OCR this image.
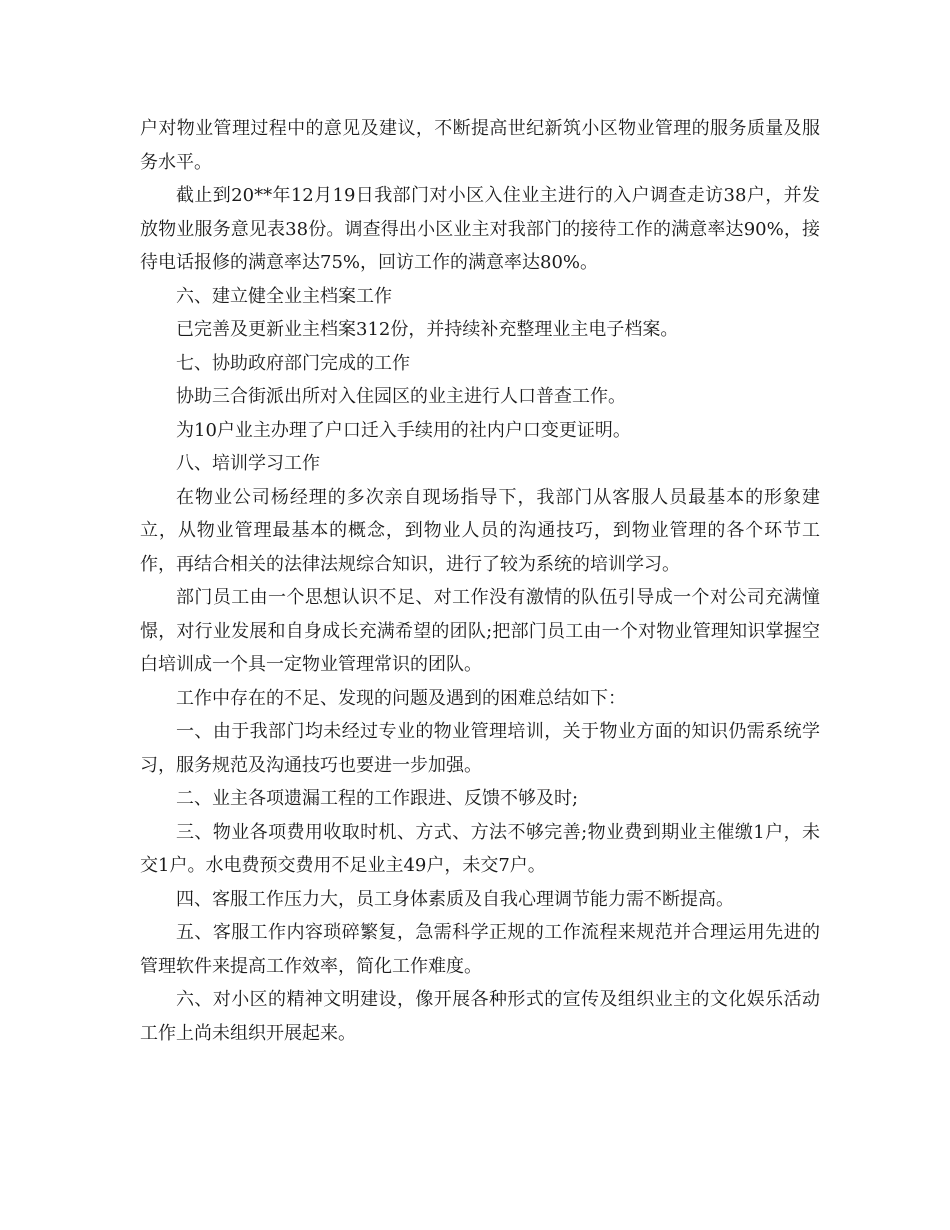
户对物业管理过程中的意见及建议，不断提高世纪新筑小区物业管理的服务质量及服务水平。

截止到20**年12月19日我部门对小区入住业主进行的入户调查走访38户，并发放物业服务意见表38份。调查得出小区业主对我部门的接待工作的满意率达90%，接待电话报修的满意率达75%，回访工作的满意率达80%。

六、建立健全业主档案工作

已完善及更新业主档案312份，并持续补充整理业主电子档案。

七、协助政府部门完成的工作

协助三合街派出所对入住园区的业主进行人口普查工作。

为10户业主办理了户口迁入手续用的社内户口变更证明。

八、培训学习工作

在物业公司杨经理的多次亲自现场指导下，我部门从客服人员最基本的形象建立，从物业管理最基本的概念，到物业人员的沟通技巧，到物业管理的各个环节工作，再结合相关的法律法规综合知识，进行了较为系统的培训学习。

部门员工由一个思想认识不足、对工作没有激情的队伍引导成一个对公司充满憧憬，对行业发展和自身成长充满希望的团队;把部门员工由一个对物业管理知识掌握空白培训成一个具一定物业管理常识的团队。

工作中存在的不足、发现的问题及遇到的困难总结如下：

一、由于我部门均未经过专业的物业管理培训，关于物业方面的知识仍需系统学习，服务规范及沟通技巧也要进一步加强。

二、业主各项遗漏工程的工作跟进、反馈不够及时;

三、物业各项费用收取时机、方式、方法不够完善;物业费到期业主催缴1户，未交1户。水电费预交费用不足业主49户，未交7户。

四、客服工作压力大，员工身体素质及自我心理调节能力需不断提高。

五、客服工作内容琐碎繁复，急需科学正规的工作流程来规范并合理运用先进的管理软件来提高工作效率，简化工作难度。

六、对小区的精神文明建设，像开展各种形式的宣传及组织业主的文化娱乐活动工作上尚未组织开展起来。
